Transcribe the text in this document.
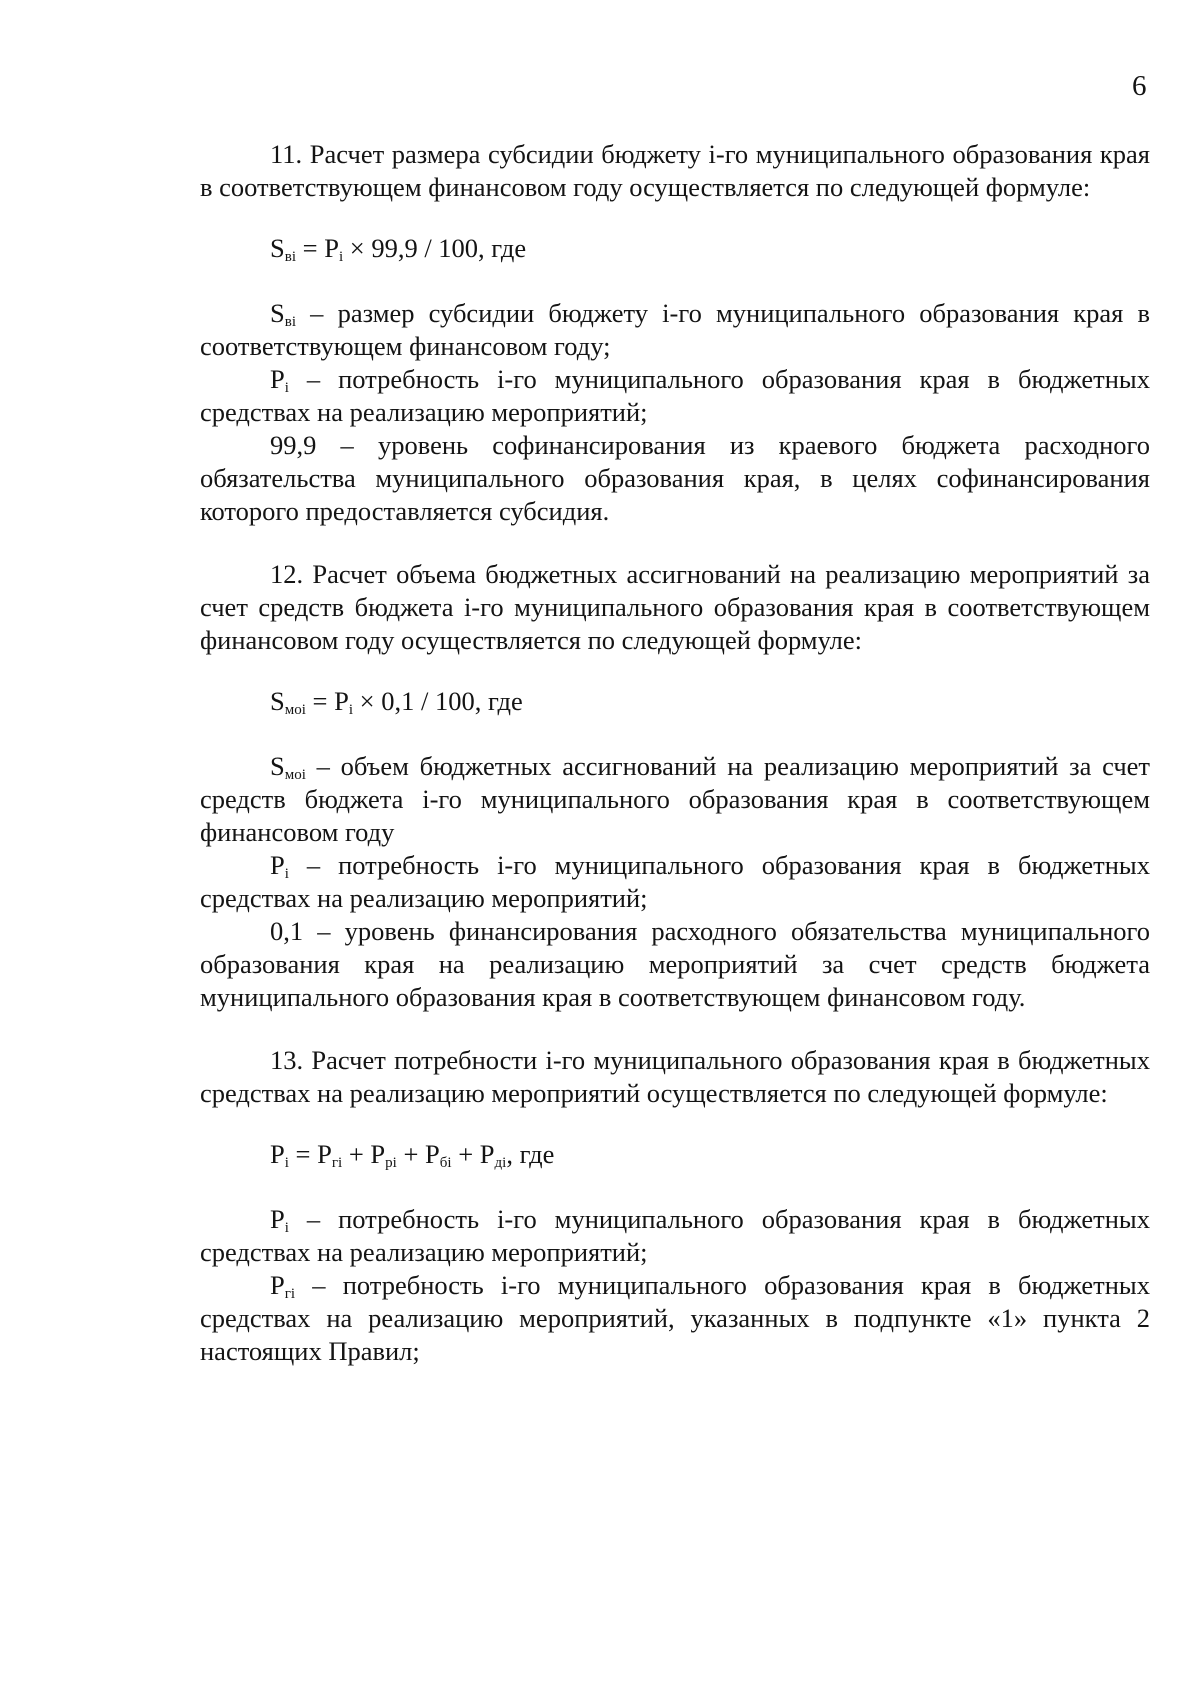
6

11. Расчет размера субсидии бюджету i-го муниципального образования края в соответствующем финансовом году осуществляется по следующей формуле:

$S_{вi} = P_i \times 99,9 / 100$, где

$S_{вi}$ – размер субсидии бюджету i-го муниципального образования края в соответствующем финансовом году;

$P_i$ – потребность i-го муниципального образования края в бюджетных средствах на реализацию мероприятий;

99,9 – уровень софинансирования из краевого бюджета расходного обязательства муниципального образования края, в целях софинансирования которого предоставляется субсидия.

12. Расчет объема бюджетных ассигнований на реализацию мероприятий за счет средств бюджета i-го муниципального образования края в соответствующем финансовом году осуществляется по следующей формуле:

$S_{мoi} = P_i \times 0,1 / 100$, где

$S_{мoi}$ – объем бюджетных ассигнований на реализацию мероприятий за счет средств бюджета i-го муниципального образования края в соответствующем финансовом году

$P_i$ – потребность i-го муниципального образования края в бюджетных средствах на реализацию мероприятий;

0,1 – уровень финансирования расходного обязательства муниципального образования края на реализацию мероприятий за счет средств бюджета муниципального образования края в соответствующем финансовом году.

13. Расчет потребности i-го муниципального образования края в бюджетных средствах на реализацию мероприятий осуществляется по следующей формуле:

$P_i = P_{гi} + P_{рi} + P_{бi} + P_{дi}$, где

$P_i$ – потребность i-го муниципального образования края в бюджетных средствах на реализацию мероприятий;

$P_{гi}$ – потребность i-го муниципального образования края в бюджетных средствах на реализацию мероприятий, указанных в подпункте «1» пункта 2 настоящих Правил;
